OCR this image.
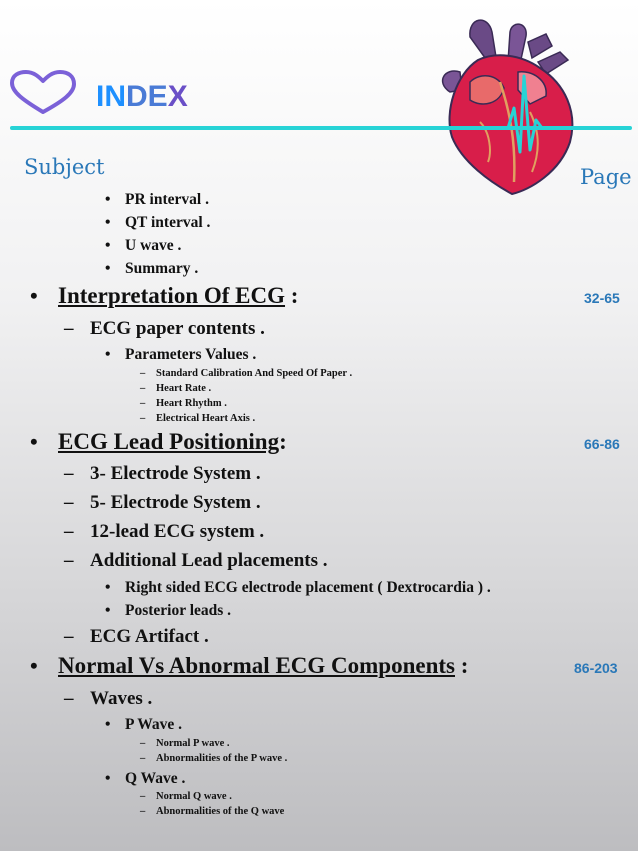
INDEX
Subject	Page
• PR interval .
• QT interval .
• U wave .
• Summary .
• Interpretation Of ECG :	32-65
– ECG paper contents .
• Parameters Values .
– Standard Calibration And Speed Of Paper .
– Heart Rate .
– Heart Rhythm .
– Electrical Heart Axis .
• ECG Lead Positioning:	66-86
– 3- Electrode System .
– 5- Electrode System .
– 12-lead ECG system .
– Additional Lead placements .
• Right sided ECG electrode placement ( Dextrocardia ) .
• Posterior leads .
– ECG Artifact .
• Normal Vs Abnormal ECG Components :	86-203
– Waves .
• P Wave .
– Normal P wave .
– Abnormalities of the P wave .
• Q Wave .
– Normal Q wave .
– Abnormalities of the Q wave
